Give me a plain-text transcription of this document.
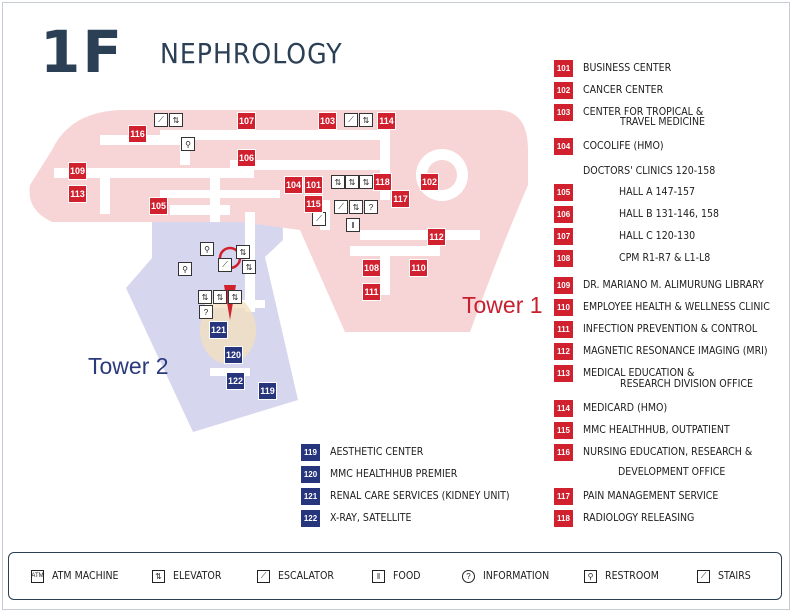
1F NEPHROLOGY
⟋	⇅
⚲
⟋	⇅
⇅ ⇅ ⇅
⟋	⇅	?
⟋
‖
⚲
⚲
⇅
⇅
⟋
⇅	⇅	⇅
?
116
107	103	114
109
106
104 101	118	102
113
105	115	117
112
108	110
111
121
120
122
119
Tower 1
Tower 2
101 BUSINESS CENTER
102 CANCER CENTER
103 CENTER FOR TROPICAL &
TRAVEL MEDICINE
104 COCOLIFE (HMO)
DOCTORS' CLINICS 120-158
105	HALL A 147-157
106	HALL B 131-146, 158
107	HALL C 120-130
108	CPM R1-R7 & L1-L8
109 DR. MARIANO M. ALIMURUNG LIBRARY
110 EMPLOYEE HEALTH & WELLNESS CLINIC
111	INFECTION PREVENTION & CONTROL
112 MAGNETIC RESONANCE IMAGING (MRI)
113 MEDICAL EDUCATION &
RESEARCH DIVISION OFFICE
114 MEDICARD (HMO)
115 MMC HEALTHHUB, OUTPATIENT
116 NURSING EDUCATION, RESEARCH &
DEVELOPMENT OFFICE
117 PAIN MANAGEMENT SERVICE
118 RADIOLOGY RELEASING
119 AESTHETIC CENTER
120 MMC HEALTHHUB PREMIER
121 RENAL CARE SERVICES (KIDNEY UNIT)
122 X-RAY, SATELLITE
ATM ATM MACHINE	⇅	ELEVATOR	⟋	ESCALATOR	‖	FOOD	?	INFORMATION	⚲	RESTROOM	⟋	STAIRS
